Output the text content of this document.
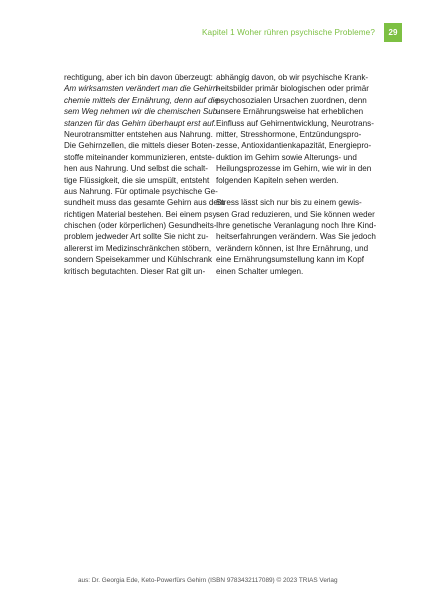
Kapitel 1 Woher rühren psychische Probleme?	29
rechtigung, aber ich bin davon überzeugt:
Am wirksamsten verändert man die Gehirn-
chemie mittels der Ernährung, denn auf die-
sem Weg nehmen wir die chemischen Sub-
stanzen für das Gehirn überhaupt erst auf.
Neurotransmitter entstehen aus Nahrung.
Die Gehirnzellen, die mittels dieser Boten-
stoffe miteinander kommunizieren, entste-
hen aus Nahrung. Und selbst die schalt-
tige Flüssigkeit, die sie umspült, entsteht
aus Nahrung. Für optimale psychische Ge-
sundheit muss das gesamte Gehirn aus dem
richtigen Material bestehen. Bei einem psy-
chischen (oder körperlichen) Gesundheits-
problem jedweder Art sollte Sie nicht zu-
allererst im Medizinschränkchen stöbern,
sondern Speisekammer und Kühlschrank
kritisch begutachten. Dieser Rat gilt un-
abhängig davon, ob wir psychische Krank-
heitsbilder primär biologischen oder primär
psychosozialen Ursachen zuordnen, denn
unsere Ernährungsweise hat erheblichen
Einfluss auf Gehirnentwicklung, Neurotrans-
mitter, Stresshormone, Entzündungspro-
zesse, Antioxidantienkapazität, Energiepro-
duktion im Gehirn sowie Alterungs- und
Heilungsprozesse im Gehirn, wie wir in den
folgenden Kapiteln sehen werden.
Stress lässt sich nur bis zu einem gewis-
sen Grad reduzieren, und Sie können weder
Ihre genetische Veranlagung noch Ihre Kind-
heitserfahrungen verändern. Was Sie jedoch
verändern können, ist Ihre Ernährung, und
eine Ernährungsumstellung kann im Kopf
einen Schalter umlegen.
aus: Dr. Georgia Ede, Keto-Powerfürs Gehirn (ISBN 9783432117089) © 2023 TRIAS Verlag
